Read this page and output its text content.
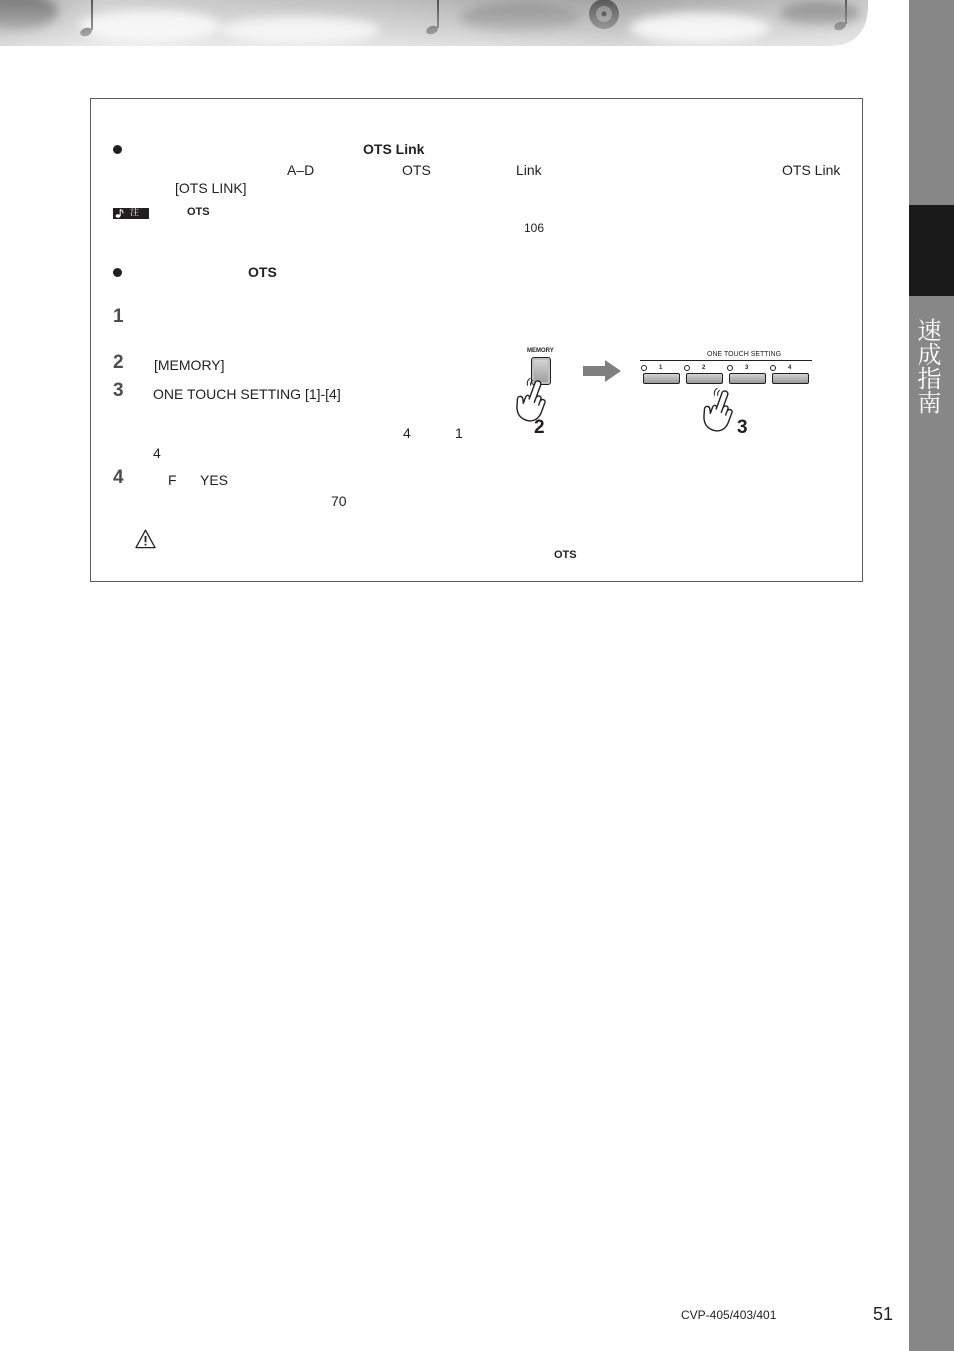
速成指南
OTS Link
A–D	OTS	Link	OTS Link
[OTS LINK]
注	OTS
106
OTS
1
2 [MEMORY]
3 ONE TOUCH SETTING [1]-[4]
4	1
4
4	F YES
70
OTS
MEMORY
2
ONE TOUCH SETTING
1	2	3	4
3
CVP-405/403/401	51
